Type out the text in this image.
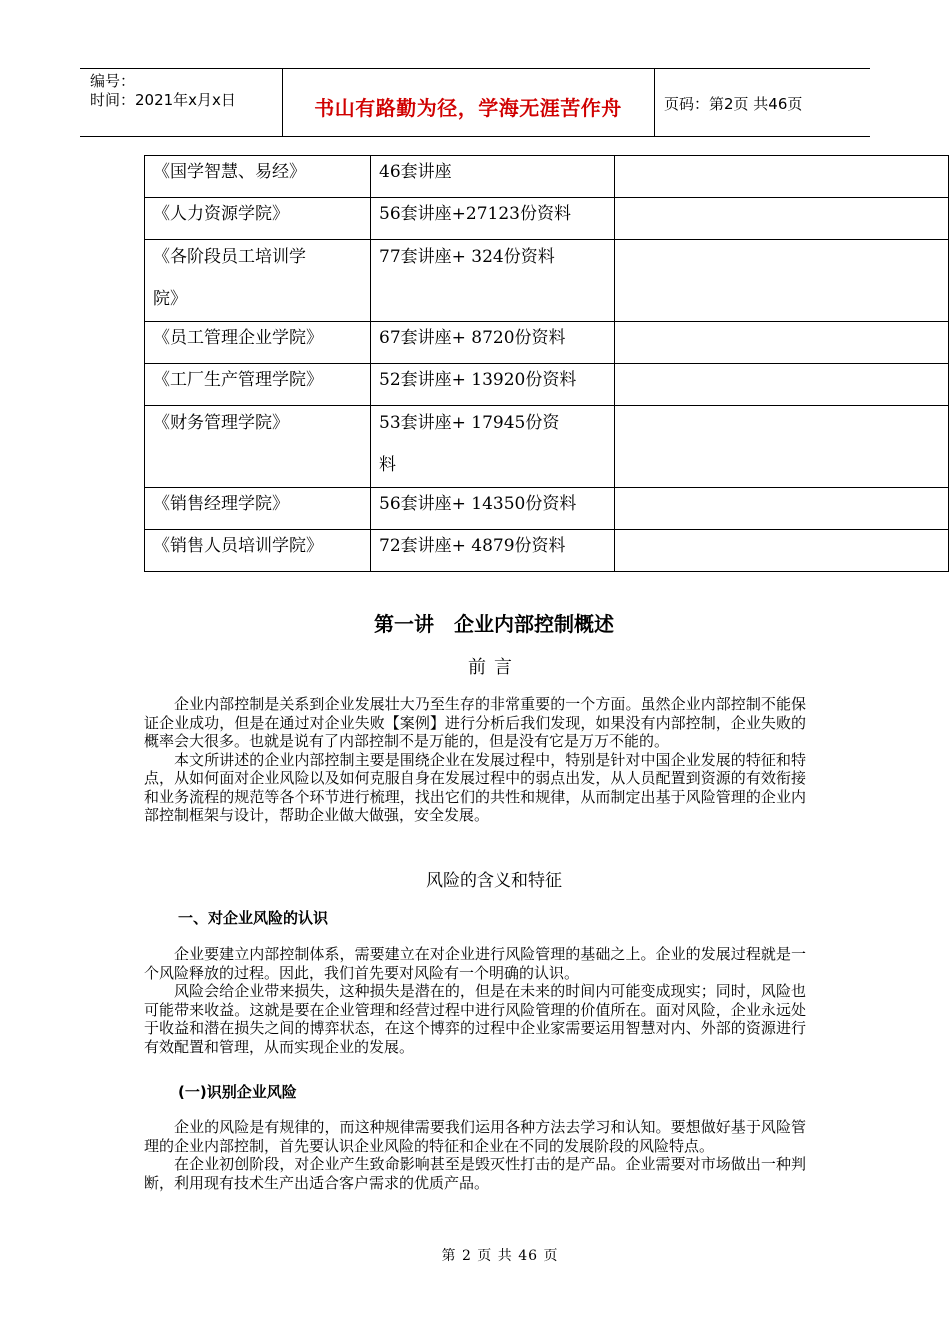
编号：
时间：2021年x月x日	书山有路勤为径，学海无涯苦作舟	页码：第2页 共46页
《国学智慧、易经》	46套讲座	
《人力资源学院》	56套讲座+27123份资料	

《各阶段员工培训学
院》	77套讲座+ 324份资料	

《员工管理企业学院》	67套讲座+ 8720份资料	
《工厂生产管理学院》	52套讲座+ 13920份资料	

《财务管理学院》	53套讲座+ 17945份资
料	

《销售经理学院》	56套讲座+ 14350份资料	
《销售人员培训学院》	72套讲座+ 4879份资料	
第一讲　企业内部控制概述
前言

企业内部控制是关系到企业发展壮大乃至生存的非常重要的一个方面。虽然企业内部控制不能保证企业成功，但是在通过对企业失败【案例】进行分析后我们发现，如果没有内部控制，企业失败的概率会大很多。也就是说有了内部控制不是万能的，但是没有它是万万不能的。

本文所讲述的企业内部控制主要是围绕企业在发展过程中，特别是针对中国企业发展的特征和特点，从如何面对企业风险以及如何克服自身在发展过程中的弱点出发，从人员配置到资源的有效衔接和业务流程的规范等各个环节进行梳理，找出它们的共性和规律，从而制定出基于风险管理的企业内部控制框架与设计，帮助企业做大做强，安全发展。

风险的含义和特征
一、对企业风险的认识

企业要建立内部控制体系，需要建立在对企业进行风险管理的基础之上。企业的发展过程就是一个风险释放的过程。因此，我们首先要对风险有一个明确的认识。

风险会给企业带来损失，这种损失是潜在的，但是在未来的时间内可能变成现实；同时，风险也可能带来收益。这就是要在企业管理和经营过程中进行风险管理的价值所在。面对风险，企业永远处于收益和潜在损失之间的博弈状态，在这个博弈的过程中企业家需要运用智慧对内、外部的资源进行有效配置和管理，从而实现企业的发展。

(一)识别企业风险

企业的风险是有规律的，而这种规律需要我们运用各种方法去学习和认知。要想做好基于风险管理的企业内部控制，首先要认识企业风险的特征和企业在不同的发展阶段的风险特点。

在企业初创阶段，对企业产生致命影响甚至是毁灭性打击的是产品。企业需要对市场做出一种判断，利用现有技术生产出适合客户需求的优质产品。

第 2 页 共 46 页
